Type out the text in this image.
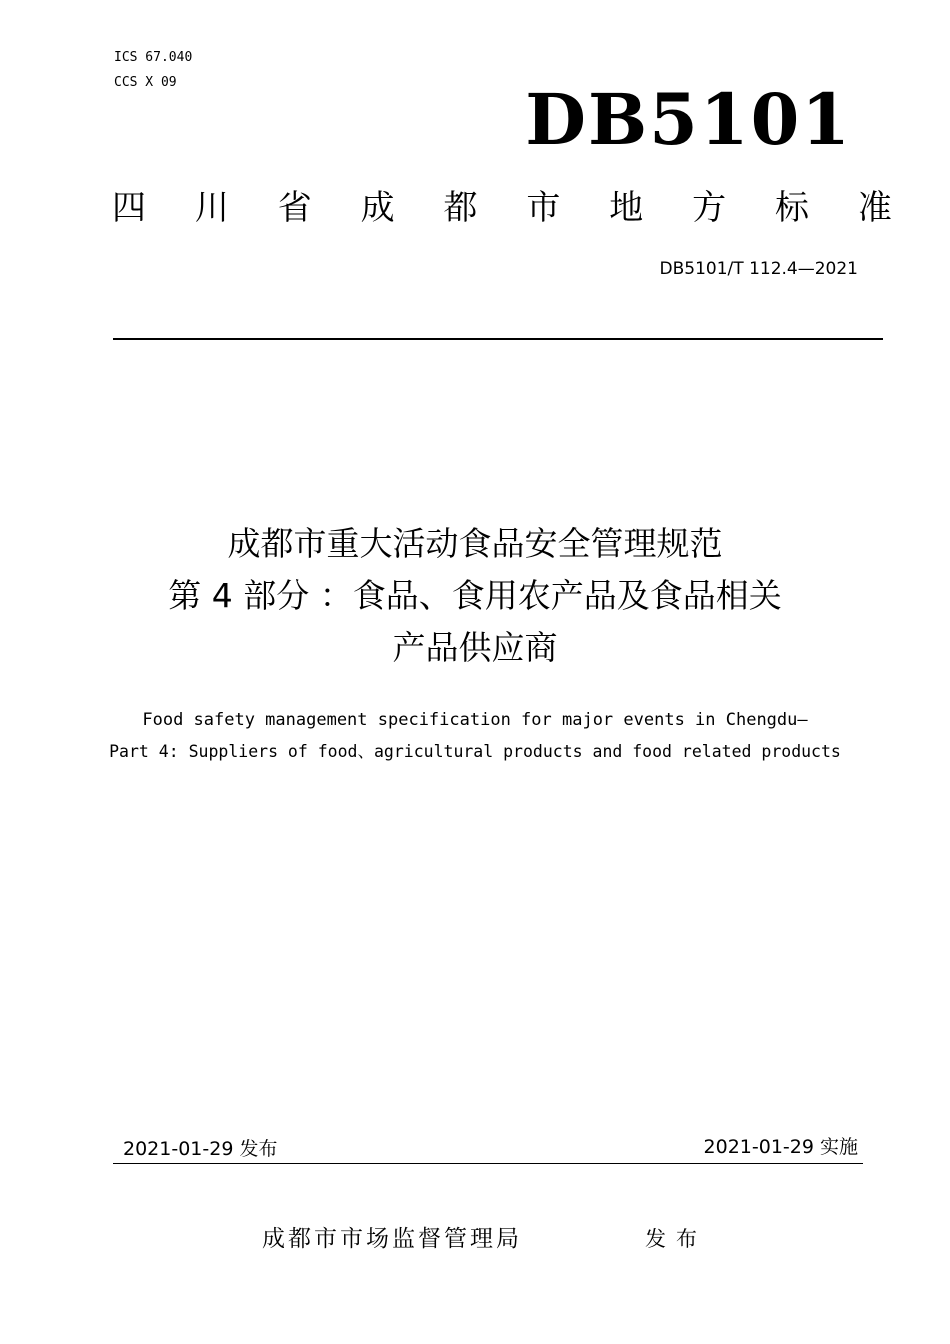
ICS 67.040
CCS X 09	DB5101
四 川 省 成 都 市 地 方 标 准
DB5101/T 112.4—2021
成都市重大活动食品安全管理规范
第 4 部分 ：食品、食用农产品及食品相关
产品供应商
Food safety management specification for major events in Chengdu—
Part 4: Suppliers of food、agricultural products and food related products
2021-01-29 发布	2021-01-29 实施
成都市市场监督管理局	发布
